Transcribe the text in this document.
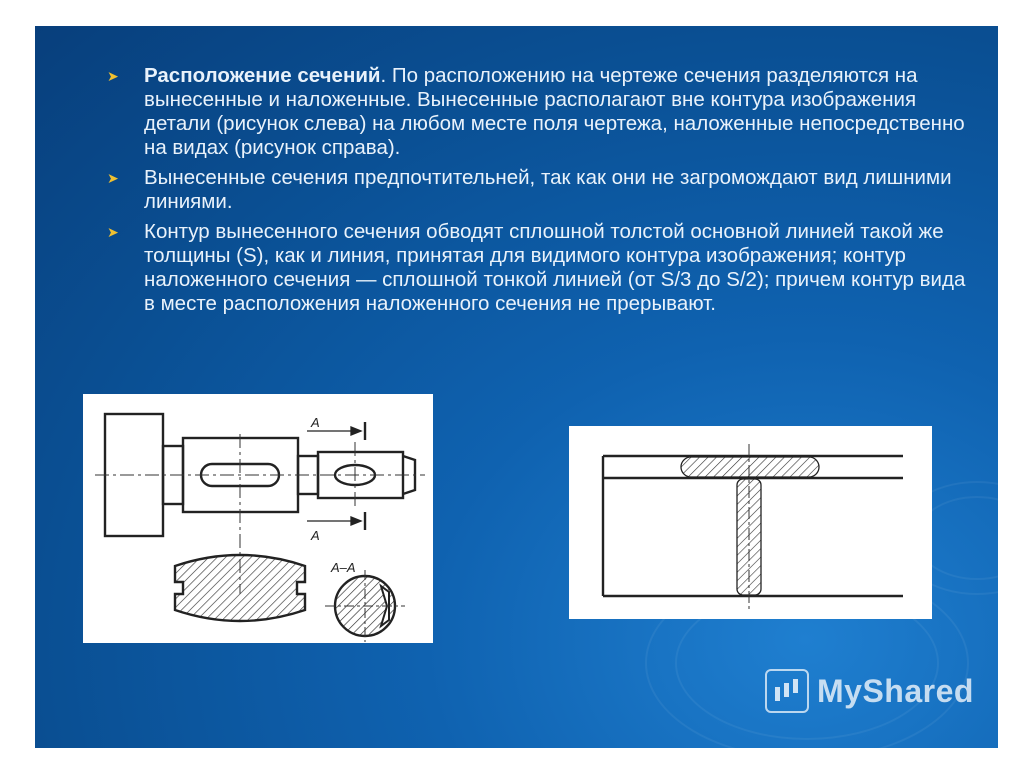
➤ Расположение сечений. По расположению на чертеже сечения разделяются на вынесенные и наложенные. Вынесенные располагают вне контура изображения детали (рисунок слева) на любом месте поля чертежа, наложенные непосредственно на видах (рисунок справа).
➤ Вынесенные сечения предпочтительней, так как они не загромождают вид лишними линиями.
➤ Контур вынесенного сечения обводят сплошной толстой основной линией такой же толщины (S), как и линия, принятая для видимого контура изображения; контур наложенного сечения — сплошной тонкой линией (от S/3 до S/2); причем контур вида в месте расположения наложенного сечения не прерывают.
A
A
A–A
MyShared
